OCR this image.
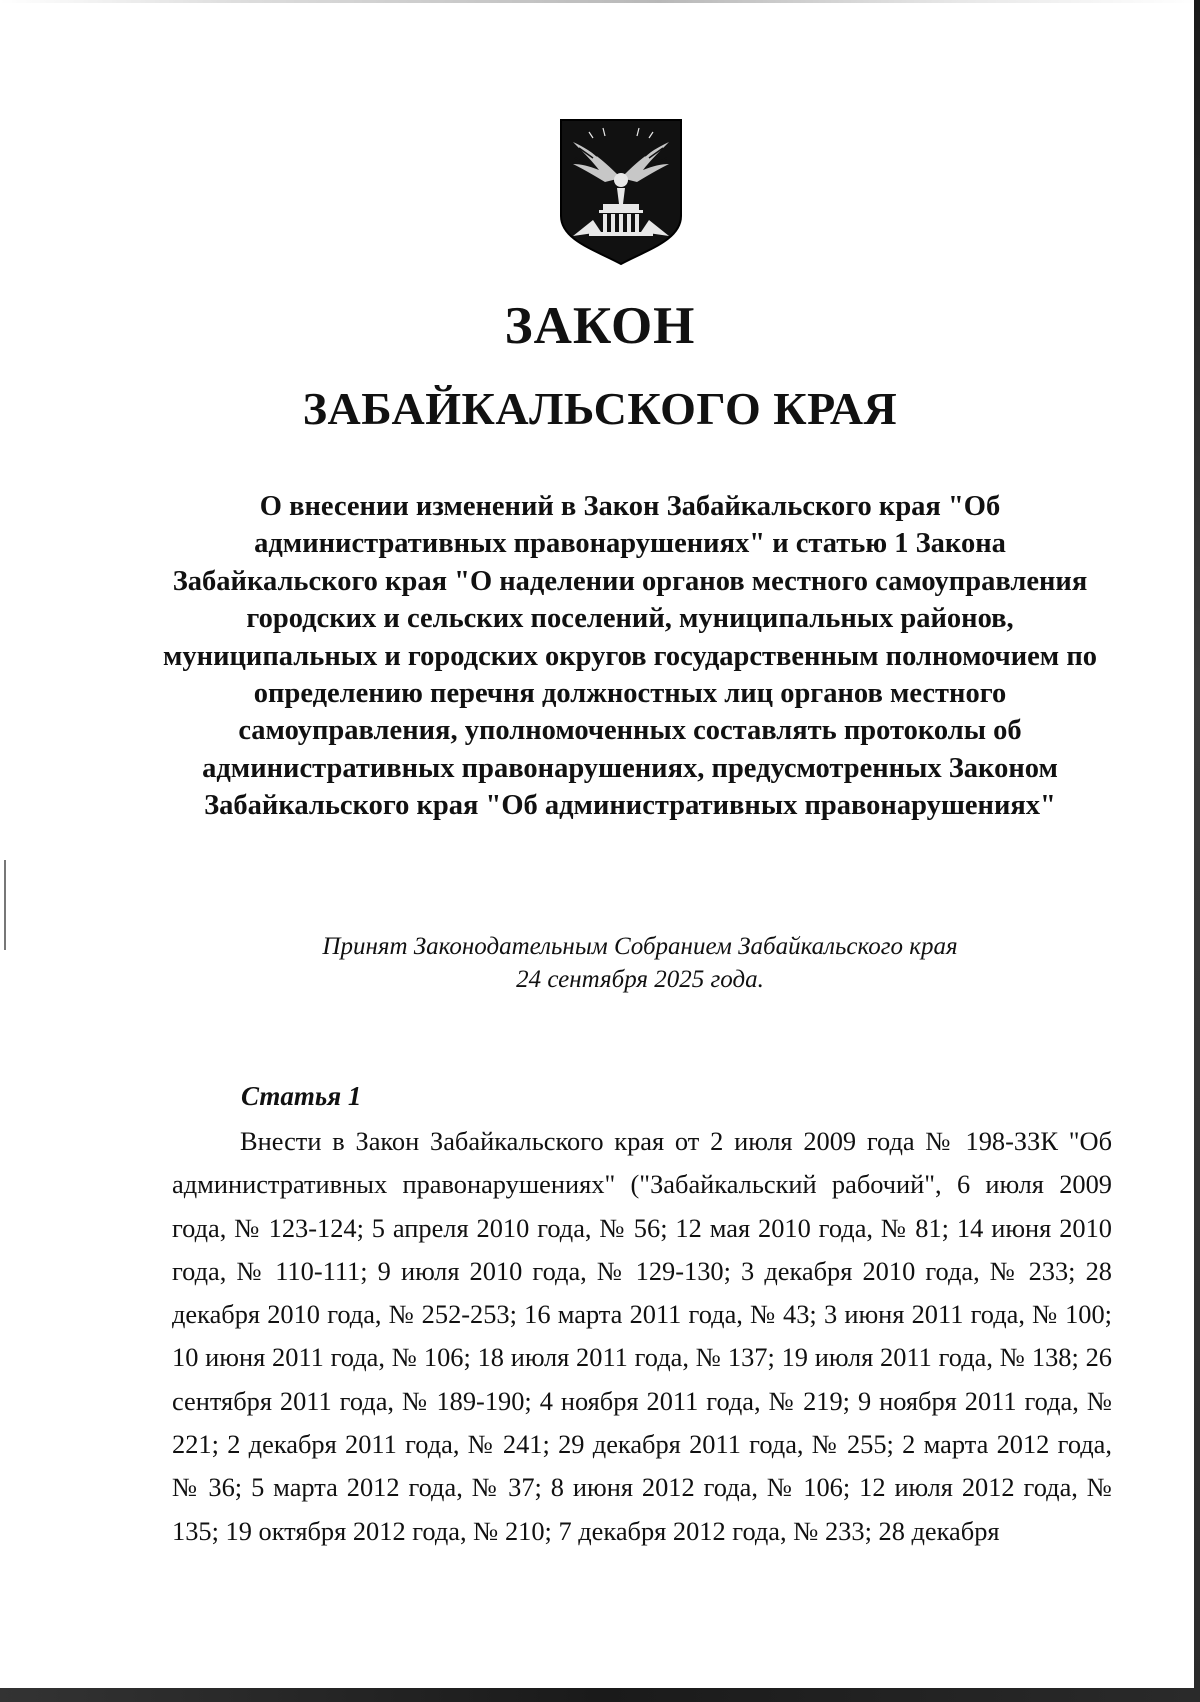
ЗАКОН
ЗАБАЙКАЛЬСКОГО КРАЯ

О внесении изменений в Закон Забайкальского края "Об административных правонарушениях" и статью 1 Закона Забайкальского края "О наделении органов местного самоуправления городских и сельских поселений, муниципальных районов, муниципальных и городских округов государственным полномочием по определению перечня должностных лиц органов местного самоуправления, уполномоченных составлять протоколы об административных правонарушениях, предусмотренных Законом Забайкальского края "Об административных правонарушениях"

Принят Законодательным Собранием Забайкальского края
24 сентября 2025 года.
Статья 1

Внести в Закон Забайкальского края от 2 июля 2009 года № 198-ЗЗК "Об административных правонарушениях" ("Забайкальский рабочий", 6 июля 2009 года, № 123-124; 5 апреля 2010 года, № 56; 12 мая 2010 года, № 81; 14 июня 2010 года, № 110-111; 9 июля 2010 года, № 129-130; 3 декабря 2010 года, № 233; 28 декабря 2010 года, № 252-253; 16 марта 2011 года, № 43; 3 июня 2011 года, № 100; 10 июня 2011 года, № 106; 18 июля 2011 года, № 137; 19 июля 2011 года, № 138; 26 сентября 2011 года, № 189-190; 4 ноября 2011 года, № 219; 9 ноября 2011 года, № 221; 2 декабря 2011 года, № 241; 29 декабря 2011 года, № 255; 2 марта 2012 года, № 36; 5 марта 2012 года, № 37; 8 июня 2012 года, № 106; 12 июля 2012 года, № 135; 19 октября 2012 года, № 210; 7 декабря 2012 года, № 233; 28 декабря
